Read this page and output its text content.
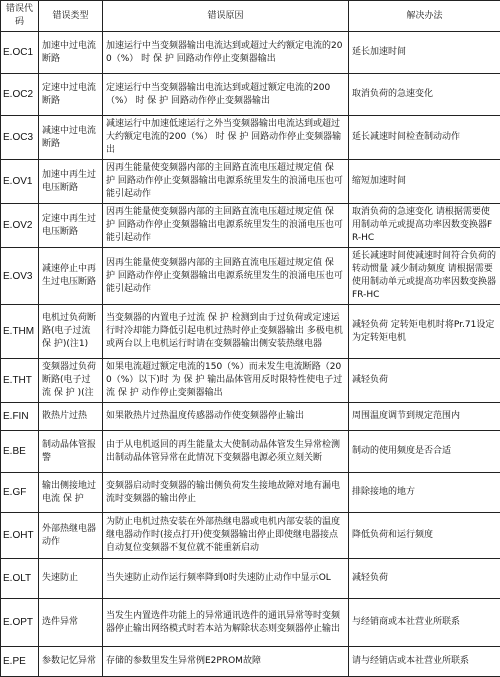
错误代码	错误类型	错误原因	解决办法
E.OC1	加速中过电流断路	加速运行中当变频器输出电流达到或超过大约额定电流的200（%） 时 保 护 回路动作停止变频器输出	延长加速时间
E.OC2	定速中过电流断路	定速运行中当变频器输出电流达到或超过额定电流的200（%） 时 保 护 回路动作停止变频器输出	取消负荷的急速变化
E.OC3	减速中过电流断路	减速运行中加速低速运行之外当变频器输出电流达到或超过大约额定电流的200（%） 时 保 护 回路动作停止变频器输出	延长减速时间检查制动动作
E.OV1	加速中再生过电压断路	因再生能量使变频器内部的主回路直流电压超过规定值 保 护 回路动作停止变频器输出电源系统里发生的浪涌电压也可能引起动作	缩短加速时间
E.OV2	定速中再生过电压断路	因再生能量使变频器内部的主回路直流电压超过规定值 保 护 回路动作停止变频器输出电源系统里发生的浪涌电压也可能引起动作	取消负荷的急速变化 请根据需要使用制动单元或提高功率因数变换器FR-HC
E.OV3	减速停止中再生过电压断路	因再生能量使变频器内部的主回路直流电压超过规定值 保 护 回路动作停止变频器输出电源系统里发生的浪涌电压也可能引起动作	延长减速时间使减速时间符合负荷的转动惯量 减少制动频度 请根据需要使用制动单元或提高功率因数变换器FR-HC
E.THM	电机过负荷断路(电子过流保 护)(注1)	当变频器的内置电子过流 保 护 检测到由于过负荷或定速运行时冷却能力降低引起电机过热时停止变频器输出 多极电机或两台以上电机运行时请在变频器输出侧安装热继电器	减轻负荷 定转矩电机时将Pr.71设定为定转矩电机
E.THT	变频器过负荷断路(电子过流 保 护 )(注	如果电流超过额定电流的150（%）而未发生电流断路（200（%）以下)时 为 保 护 输出晶体管用反时限特性使电子过流 保 护 动作停止变频器输出	减轻负荷
E.FIN	散热片过热	如果散热片过热温度传感器动作使变频器停止输出	周围温度调节到规定范围内
E.BE	制动晶体管报警	由于从电机返回的再生能量太大使制动晶体管发生异常检测出制动晶体管异常在此情况下变频器电源必须立刻关断	制动的使用频度是否合适
E.GF	输出侧接地过电流 保 护	变频器启动时变频器的输出侧负荷发生接地故障对地有漏电流时变频器的输出停止	排除接地的地方
E.OHT	外部热继电器动作	为防止电机过热安装在外部热继电器或电机内部安装的温度继电器动作时(接点打开)使变频器输出停止即使继电器接点自动复位变频器不复位就不能重新启动	降低负荷和运行频度
E.OLT	失速防止	当失速防止动作运行频率降到0时失速防止动作中显示OL	减轻负荷
E.OPT	选件异常	当发生内置选件功能上的异常通讯选件的通讯异常等时变频器停止输出网络模式时若本站为解除状态则变频器停止输出	与经销商或本社营业所联系
E.PE	参数记忆异常	存储的参数里发生异常例E2PROM故障	请与经销店或本社营业所联系
